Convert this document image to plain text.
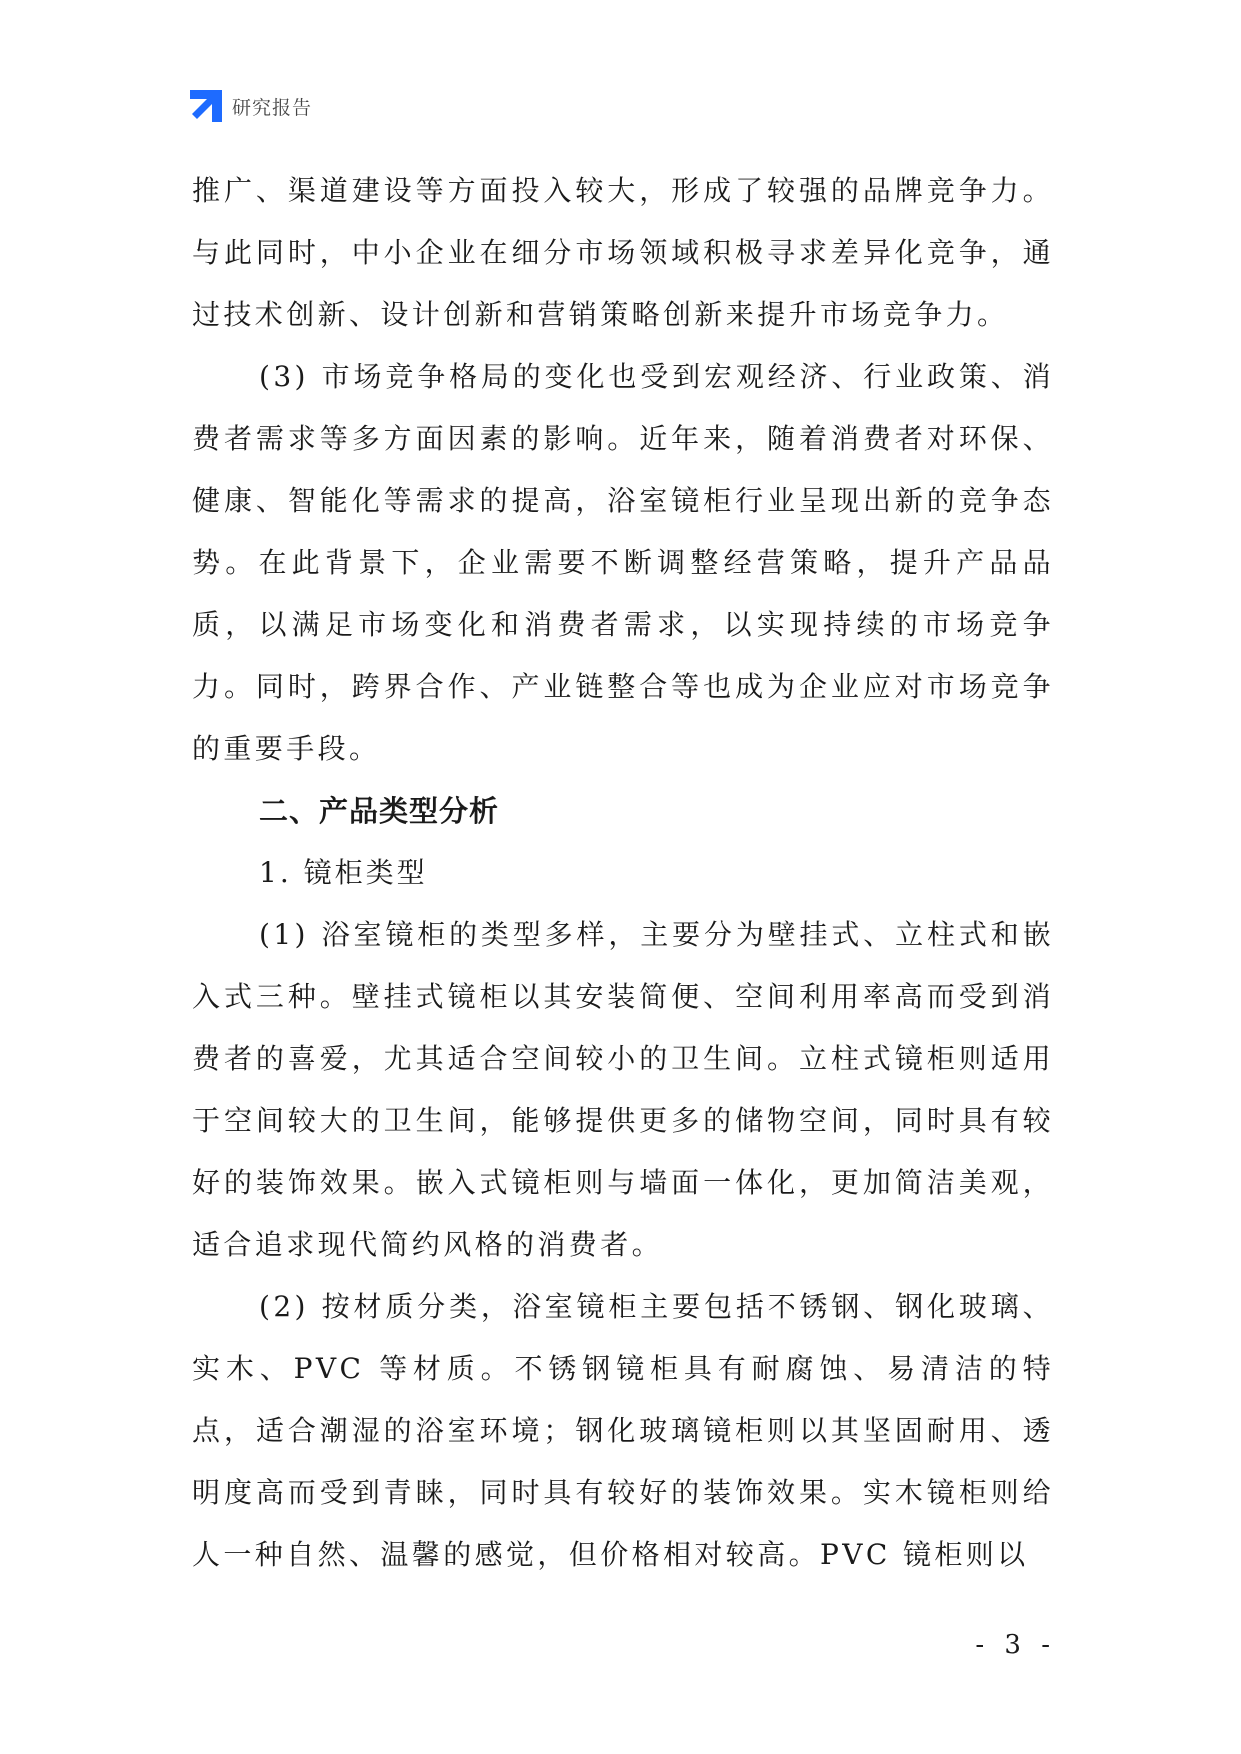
研究报告

推广、渠道建设等方面投入较大，形成了较强的品牌竞争力。与此同时，中小企业在细分市场领域积极寻求差异化竞争，通过技术创新、设计创新和营销策略创新来提升市场竞争力。

(3) 市场竞争格局的变化也受到宏观经济、行业政策、消费者需求等多方面因素的影响。近年来，随着消费者对环保、健康、智能化等需求的提高，浴室镜柜行业呈现出新的竞争态势。在此背景下，企业需要不断调整经营策略，提升产品品质，以满足市场变化和消费者需求，以实现持续的市场竞争力。同时，跨界合作、产业链整合等也成为企业应对市场竞争的重要手段。

二、产品类型分析

1. 镜柜类型

(1) 浴室镜柜的类型多样，主要分为壁挂式、立柱式和嵌入式三种。壁挂式镜柜以其安装简便、空间利用率高而受到消费者的喜爱，尤其适合空间较小的卫生间。立柱式镜柜则适用于空间较大的卫生间，能够提供更多的储物空间，同时具有较好的装饰效果。嵌入式镜柜则与墙面一体化，更加简洁美观，适合追求现代简约风格的消费者。

(2) 按材质分类，浴室镜柜主要包括不锈钢、钢化玻璃、实木、PVC 等材质。不锈钢镜柜具有耐腐蚀、易清洁的特点，适合潮湿的浴室环境；钢化玻璃镜柜则以其坚固耐用、透明度高而受到青睐，同时具有较好的装饰效果。实木镜柜则给人一种自然、温馨的感觉，但价格相对较高。PVC 镜柜则以

- 3 -
